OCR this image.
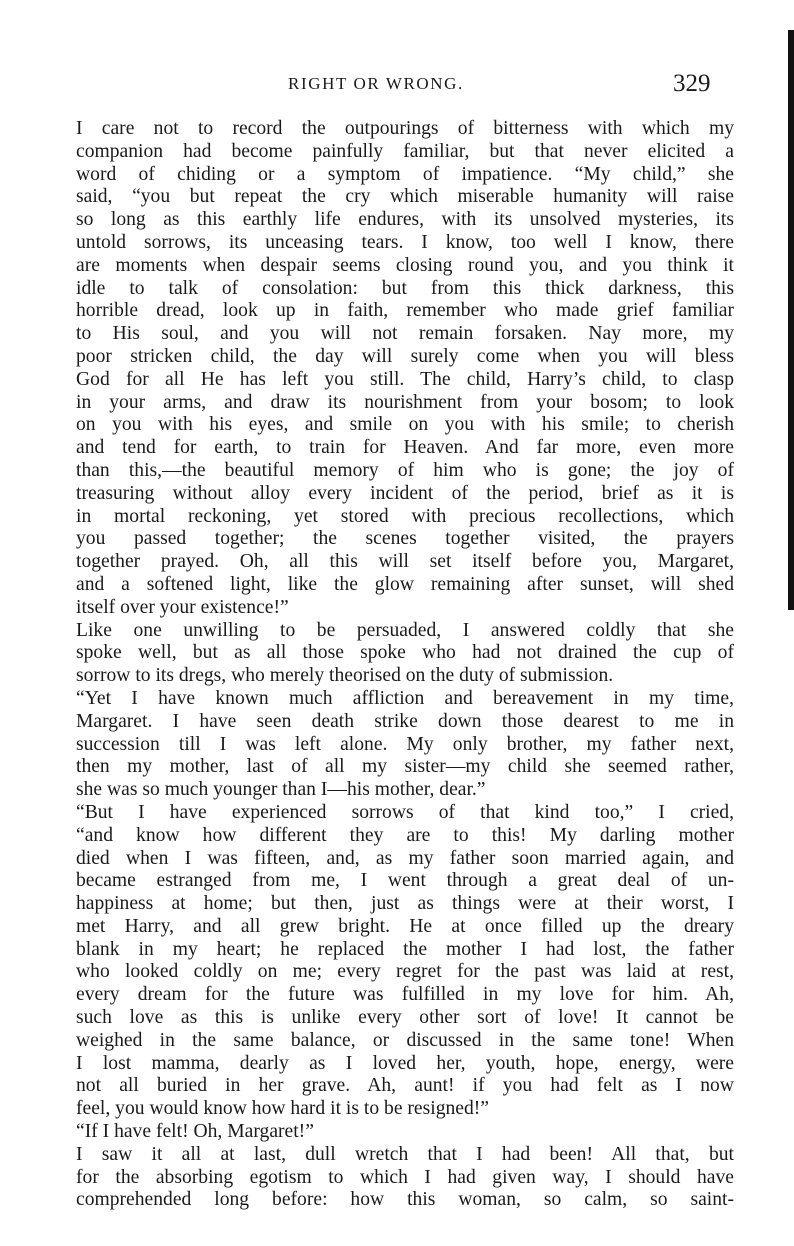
RIGHT OR WRONG.	329

I care not to record the outpourings of bitterness with which my
companion had become painfully familiar, but that never elicited a
word of chiding or a symptom of impatience. “My child,” she
said, “you but repeat the cry which miserable humanity will raise
so long as this earthly life endures, with its unsolved mysteries, its
untold sorrows, its unceasing tears. I know, too well I know, there
are moments when despair seems closing round you, and you think it
idle to talk of consolation: but from this thick darkness, this
horrible dread, look up in faith, remember who made grief familiar
to His soul, and you will not remain forsaken. Nay more, my
poor stricken child, the day will surely come when you will bless
God for all He has left you still. The child, Harry’s child, to clasp
in your arms, and draw its nourishment from your bosom; to look
on you with his eyes, and smile on you with his smile; to cherish
and tend for earth, to train for Heaven. And far more, even more
than this,—the beautiful memory of him who is gone; the joy of
treasuring without alloy every incident of the period, brief as it is
in mortal reckoning, yet stored with precious recollections, which
you passed together; the scenes together visited, the prayers
together prayed. Oh, all this will set itself before you, Margaret,
and a softened light, like the glow remaining after sunset, will shed
itself over your existence!”

Like one unwilling to be persuaded, I answered coldly that she
spoke well, but as all those spoke who had not drained the cup of
sorrow to its dregs, who merely theorised on the duty of submission.

“Yet I have known much affliction and bereavement in my time,
Margaret. I have seen death strike down those dearest to me in
succession till I was left alone. My only brother, my father next,
then my mother, last of all my sister—my child she seemed rather,
she was so much younger than I—his mother, dear.”

“But I have experienced sorrows of that kind too,” I cried,
“and know how different they are to this! My darling mother
died when I was fifteen, and, as my father soon married again, and
became estranged from me, I went through a great deal of un-
happiness at home; but then, just as things were at their worst, I
met Harry, and all grew bright. He at once filled up the dreary
blank in my heart; he replaced the mother I had lost, the father
who looked coldly on me; every regret for the past was laid at rest,
every dream for the future was fulfilled in my love for him. Ah,
such love as this is unlike every other sort of love! It cannot be
weighed in the same balance, or discussed in the same tone! When
I lost mamma, dearly as I loved her, youth, hope, energy, were
not all buried in her grave. Ah, aunt! if you had felt as I now
feel, you would know how hard it is to be resigned!”

“If I have felt! Oh, Margaret!”

I saw it all at last, dull wretch that I had been! All that, but
for the absorbing egotism to which I had given way, I should have
comprehended long before: how this woman, so calm, so saint-
